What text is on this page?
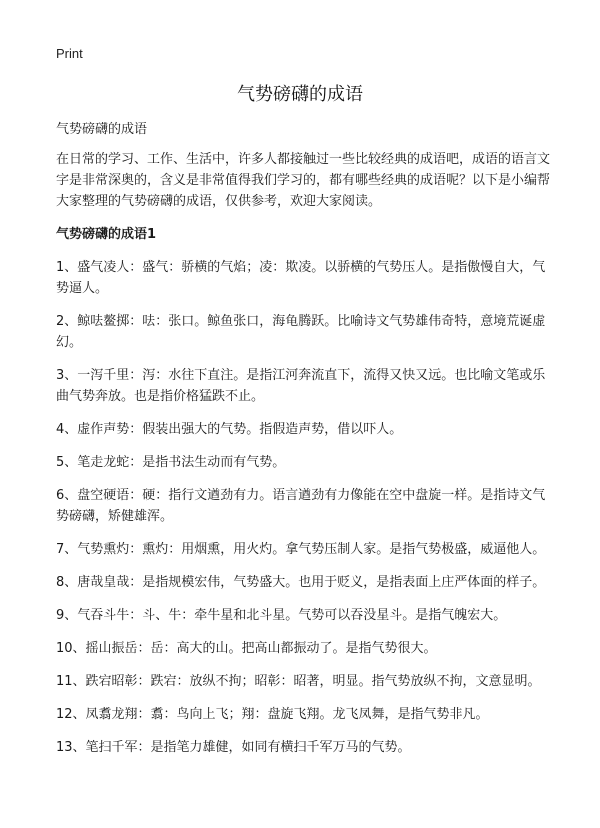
Print
气势磅礴的成语
气势磅礴的成语
在日常的学习、工作、生活中，许多人都接触过一些比较经典的成语吧，成语的语言文字是非常深奥的，含义是非常值得我们学习的，都有哪些经典的成语呢？以下是小编帮大家整理的气势磅礴的成语，仅供参考，欢迎大家阅读。
气势磅礴的成语1
1、盛气凌人：盛气：骄横的气焰；凌：欺凌。以骄横的气势压人。是指傲慢自大，气势逼人。
2、鲸呿鳌掷：呿：张口。鲸鱼张口，海龟腾跃。比喻诗文气势雄伟奇特，意境荒诞虚幻。
3、一泻千里：泻：水往下直注。是指江河奔流直下，流得又快又远。也比喻文笔或乐曲气势奔放。也是指价格猛跌不止。
4、虚作声势：假装出强大的气势。指假造声势，借以吓人。
5、笔走龙蛇：是指书法生动而有气势。
6、盘空硬语：硬：指行文遒劲有力。语言遒劲有力像能在空中盘旋一样。是指诗文气势磅礴，矫健雄浑。
7、气势熏灼：熏灼：用烟熏，用火灼。拿气势压制人家。是指气势极盛，威逼他人。
8、唐哉皇哉：是指规模宏伟，气势盛大。也用于贬义，是指表面上庄严体面的样子。
9、气吞斗牛：斗、牛：牵牛星和北斗星。气势可以吞没星斗。是指气魄宏大。
10、摇山振岳：岳：高大的山。把高山都振动了。是指气势很大。
11、跌宕昭彰：跌宕：放纵不拘；昭彰：昭著，明显。指气势放纵不拘，文意显明。
12、凤翥龙翔：翥：鸟向上飞；翔：盘旋飞翔。龙飞凤舞，是指气势非凡。
13、笔扫千军：是指笔力雄健，如同有横扫千军万马的气势。
